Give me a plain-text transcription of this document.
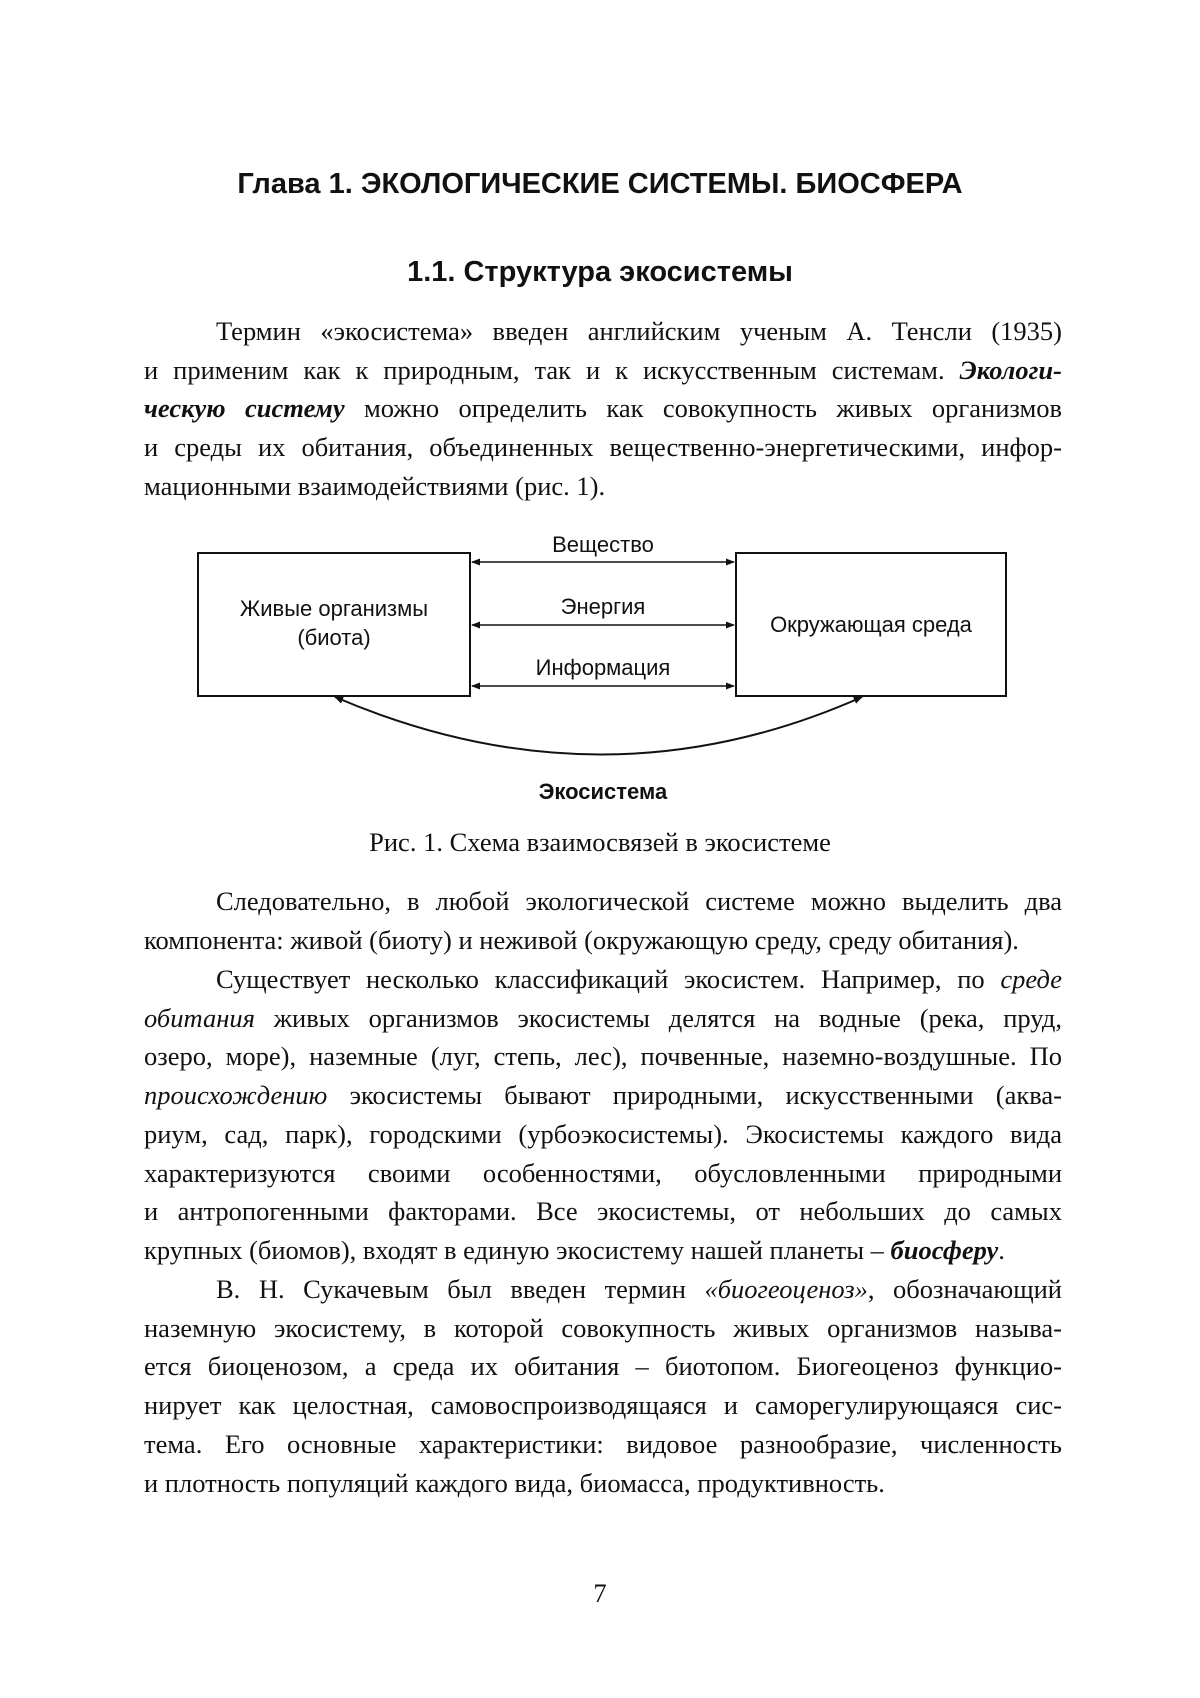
Глава 1. ЭКОЛОГИЧЕСКИЕ СИСТЕМЫ. БИОСФЕРА
1.1. Структура экосистемы
Термин «экосистема» введен английским ученым А. Тенсли (1935)
и применим как к природным, так и к искусственным системам. Экологи-
ческую систему можно определить как совокупность живых организмов
и среды их обитания, объединенных вещественно-энергетическими, инфор-
мационными взаимодействиями (рис. 1).
Живые организмы
(биота)
Окружающая среда
Вещество
Энергия
Информация
Экосистема

Рис. 1. Схема взаимосвязей в экосистеме

Следовательно, в любой экологической системе можно выделить два
компонента: живой (биоту) и неживой (окружающую среду, среду обитания).
Существует несколько классификаций экосистем. Например, по среде
обитания живых организмов экосистемы делятся на водные (река, пруд,
озеро, море), наземные (луг, степь, лес), почвенные, наземно-воздушные. По
происхождению экосистемы бывают природными, искусственными (аква-
риум, сад, парк), городскими (урбоэкосистемы). Экосистемы каждого вида
характеризуются своими особенностями, обусловленными природными
и антропогенными факторами. Все экосистемы, от небольших до самых
крупных (биомов), входят в единую экосистему нашей планеты – биосферу.
В. Н. Сукачевым был введен термин «биогеоценоз», обозначающий
наземную экосистему, в которой совокупность живых организмов называ-
ется биоценозом, а среда их обитания – биотопом. Биогеоценоз функцио-
нирует как целостная, самовоспроизводящаяся и саморегулирующаяся сис-
тема. Его основные характеристики: видовое разнообразие, численность
и плотность популяций каждого вида, биомасса, продуктивность.

7
